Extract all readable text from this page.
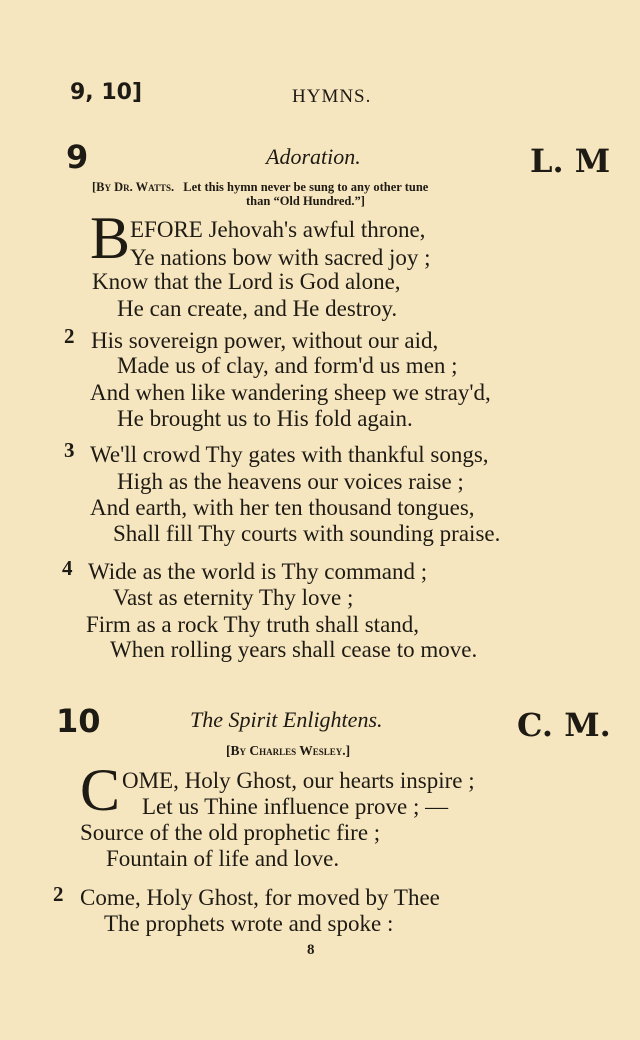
9, 10]	HYMNS.
9	Adoration.	L. M
[By Dr. Watts. Let this hymn never be sung to any other tune
than “Old Hundred.”]
B EFORE Jehovah's awful throne,
Ye nations bow with sacred joy ;
Know that the Lord is God alone,
He can create, and He destroy.
2 His sovereign power, without our aid,
Made us of clay, and form'd us men ;
And when like wandering sheep we stray'd,
He brought us to His fold again.
3 We'll crowd Thy gates with thankful songs,
High as the heavens our voices raise ;
And earth, with her ten thousand tongues,
Shall fill Thy courts with sounding praise.
4 Wide as the world is Thy command ;
Vast as eternity Thy love ;
Firm as a rock Thy truth shall stand,
When rolling years shall cease to move.
10	The Spirit Enlightens.	C. M.
[By Charles Wesley.]
C OME, Holy Ghost, our hearts inspire ;
Let us Thine influence prove ; —
Source of the old prophetic fire ;
Fountain of life and love.
2 Come, Holy Ghost, for moved by Thee
The prophets wrote and spoke :
8
